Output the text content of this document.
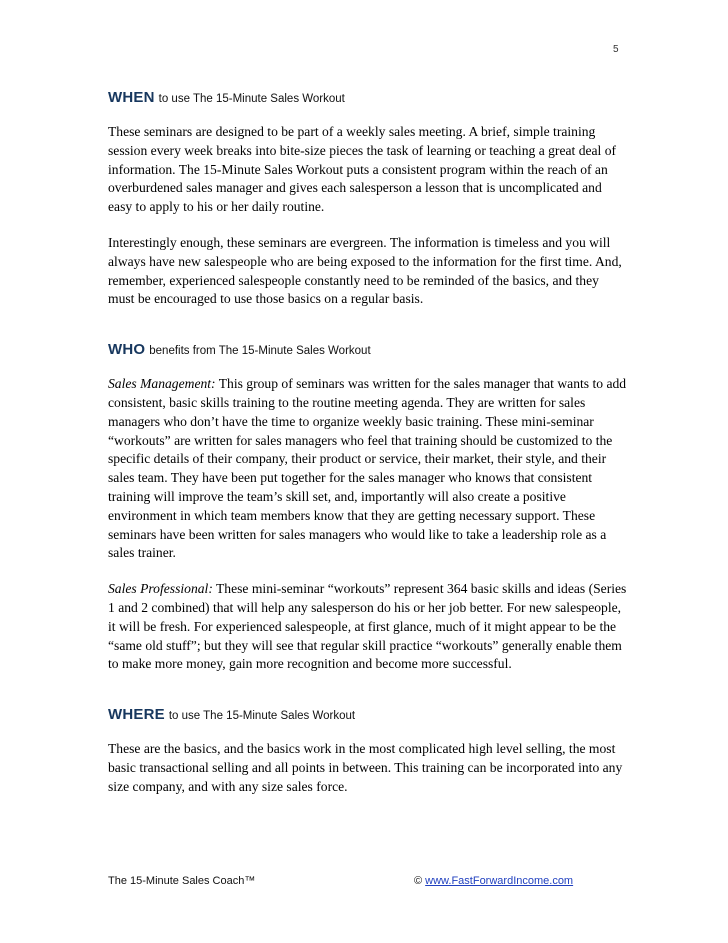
5
WHEN to use The 15-Minute Sales Workout

These seminars are designed to be part of a weekly sales meeting. A brief, simple training session every week breaks into bite-size pieces the task of learning or teaching a great deal of information. The 15-Minute Sales Workout puts a consistent program within the reach of an overburdened sales manager and gives each salesperson a lesson that is uncomplicated and easy to apply to his or her daily routine.

Interestingly enough, these seminars are evergreen. The information is timeless and you will always have new salespeople who are being exposed to the information for the first time. And, remember, experienced salespeople constantly need to be reminded of the basics, and they must be encouraged to use those basics on a regular basis.

WHO benefits from The 15-Minute Sales Workout

Sales Management: This group of seminars was written for the sales manager that wants to add consistent, basic skills training to the routine meeting agenda. They are written for sales managers who don’t have the time to organize weekly basic training. These mini-seminar “workouts” are written for sales managers who feel that training should be customized to the specific details of their company, their product or service, their market, their style, and their sales team. They have been put together for the sales manager who knows that consistent training will improve the team’s skill set, and, importantly will also create a positive environment in which team members know that they are getting necessary support. These seminars have been written for sales managers who would like to take a leadership role as a sales trainer.

Sales Professional: These mini-seminar “workouts” represent 364 basic skills and ideas (Series 1 and 2 combined) that will help any salesperson do his or her job better. For new salespeople, it will be fresh. For experienced salespeople, at first glance, much of it might appear to be the “same old stuff”; but they will see that regular skill practice “workouts” generally enable them to make more money, gain more recognition and become more successful.

WHERE to use The 15-Minute Sales Workout

These are the basics, and the basics work in the most complicated high level selling, the most basic transactional selling and all points in between. This training can be incorporated into any size company, and with any size sales force.

The 15-Minute Sales Coach™	© www.FastForwardIncome.com
